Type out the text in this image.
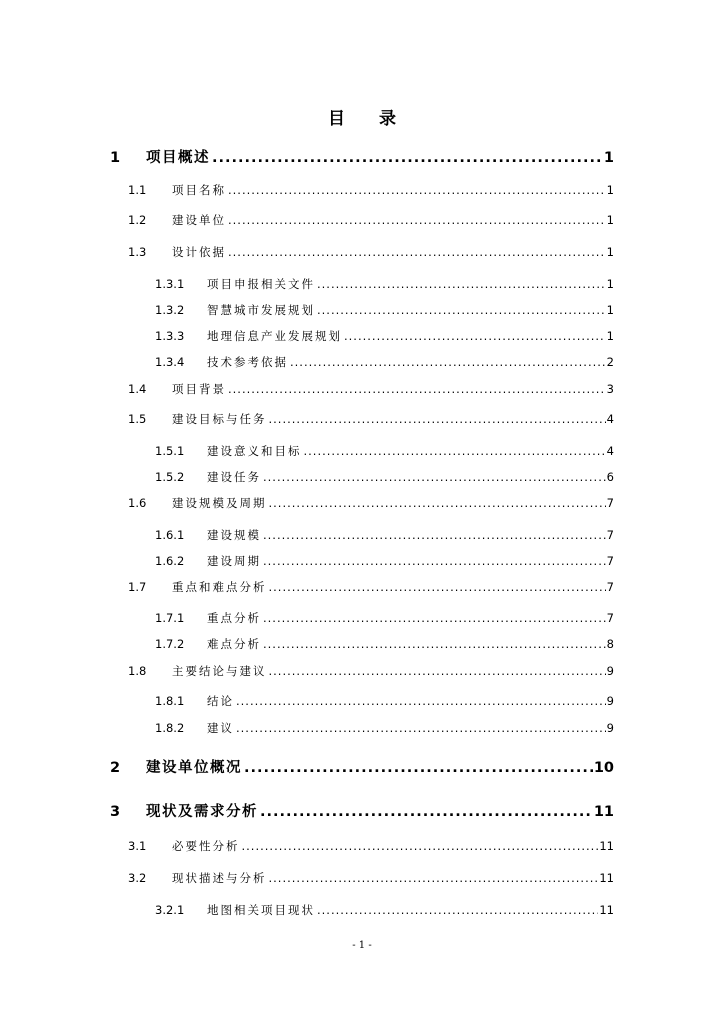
目 录
1	项目概述 .....	1
1.1	项目名称 .....	1
1.2	建设单位 .....	1
1.3	设计依据 .....	1
1.3.1	项目申报相关文件 .....	1
1.3.2	智慧城市发展规划 .....	1
1.3.3	地理信息产业发展规划 .....	1
1.3.4	技术参考依据 .....	2
1.4	项目背景 .....	3
1.5	建设目标与任务 .....	4
1.5.1	建设意义和目标 .....	4
1.5.2	建设任务 .....	6
1.6	建设规模及周期 .....	7
1.6.1	建设规模 .....	7
1.6.2	建设周期 .....	7
1.7	重点和难点分析 .....	7
1.7.1	重点分析 .....	7
1.7.2	难点分析 .....	8
1.8	主要结论与建议 .....	9
1.8.1	结论 .....	9
1.8.2	建议 .....	9
2	建设单位概况 .....	10
3	现状及需求分析 .....	11
3.1	必要性分析 .....	11
3.2	现状描述与分析 .....	11
3.2.1	地图相关项目现状 .....	11
- 1 -
